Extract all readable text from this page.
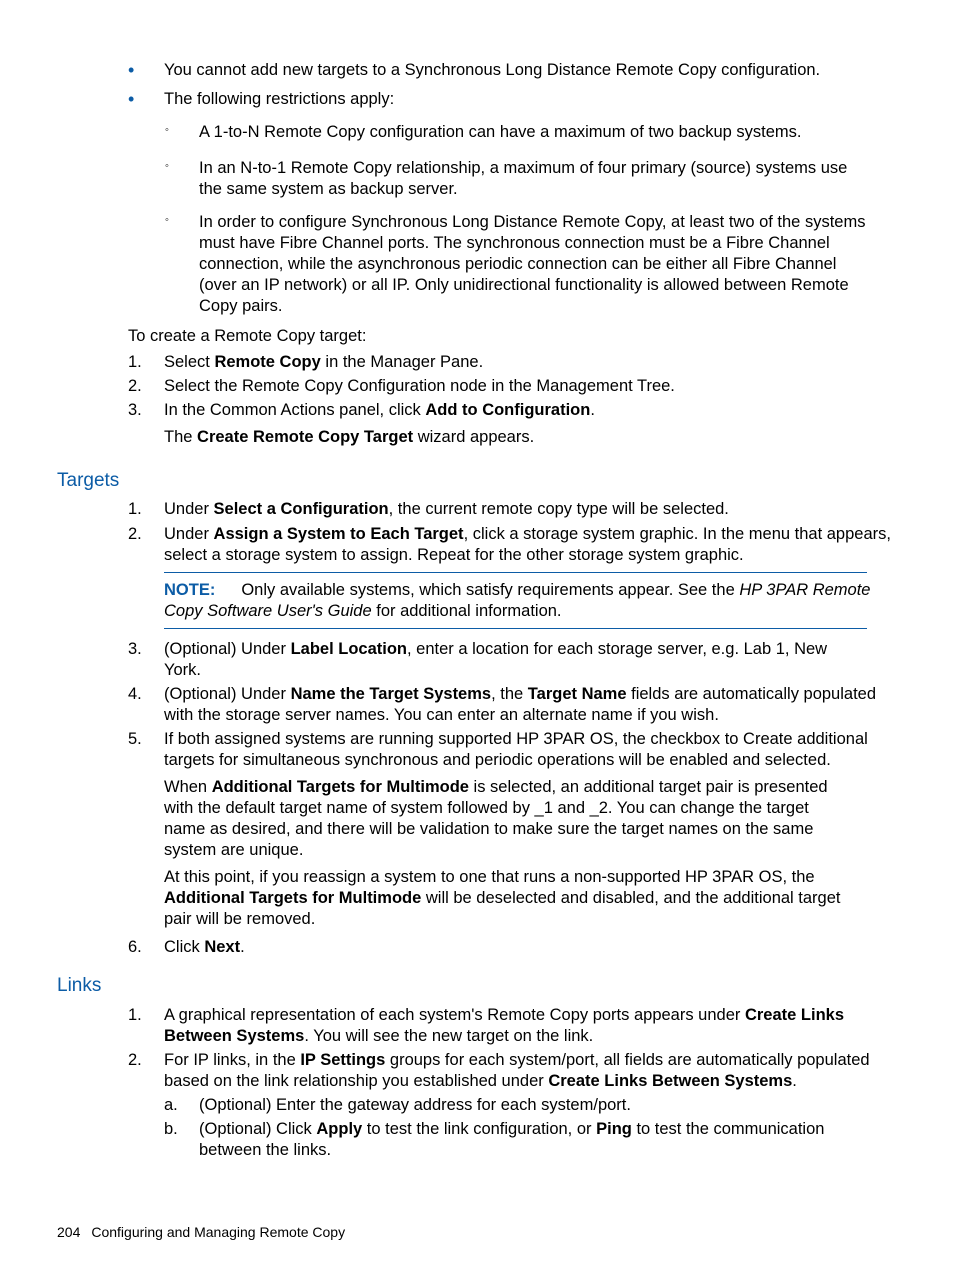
• You cannot add new targets to a Synchronous Long Distance Remote Copy configuration.
• The following restrictions apply:
◦ A 1-to-N Remote Copy configuration can have a maximum of two backup systems.
◦ In an N-to-1 Remote Copy relationship, a maximum of four primary (source) systems use
the same system as backup server.
◦ In order to configure Synchronous Long Distance Remote Copy, at least two of the systems
must have Fibre Channel ports. The synchronous connection must be a Fibre Channel
connection, while the asynchronous periodic connection can be either all Fibre Channel
(over an IP network) or all IP. Only unidirectional functionality is allowed between Remote
Copy pairs.
To create a Remote Copy target:
1. Select Remote Copy in the Manager Pane.
2. Select the Remote Copy Configuration node in the Management Tree.
3. In the Common Actions panel, click Add to Configuration.
The Create Remote Copy Target wizard appears.
Targets
1. Under Select a Configuration, the current remote copy type will be selected.
2. Under Assign a System to Each Target, click a storage system graphic. In the menu that appears,
select a storage system to assign. Repeat for the other storage system graphic.
NOTE: Only available systems, which satisfy requirements appear. See the HP 3PAR Remote
Copy Software User's Guide for additional information.
3. (Optional) Under Label Location, enter a location for each storage server, e.g. Lab 1, New
York.
4. (Optional) Under Name the Target Systems, the Target Name fields are automatically populated
with the storage server names. You can enter an alternate name if you wish.
5. If both assigned systems are running supported HP 3PAR OS, the checkbox to Create additional
targets for simultaneous synchronous and periodic operations will be enabled and selected.
When Additional Targets for Multimode is selected, an additional target pair is presented
with the default target name of system followed by _1 and _2. You can change the target
name as desired, and there will be validation to make sure the target names on the same
system are unique.
At this point, if you reassign a system to one that runs a non-supported HP 3PAR OS, the
Additional Targets for Multimode will be deselected and disabled, and the additional target
pair will be removed.
6. Click Next.
Links
1. A graphical representation of each system's Remote Copy ports appears under Create Links
Between Systems. You will see the new target on the link.
2. For IP links, in the IP Settings groups for each system/port, all fields are automatically populated
based on the link relationship you established under Create Links Between Systems.
a. (Optional) Enter the gateway address for each system/port.
b. (Optional) Click Apply to test the link configuration, or Ping to test the communication
between the links.
204 Configuring and Managing Remote Copy
